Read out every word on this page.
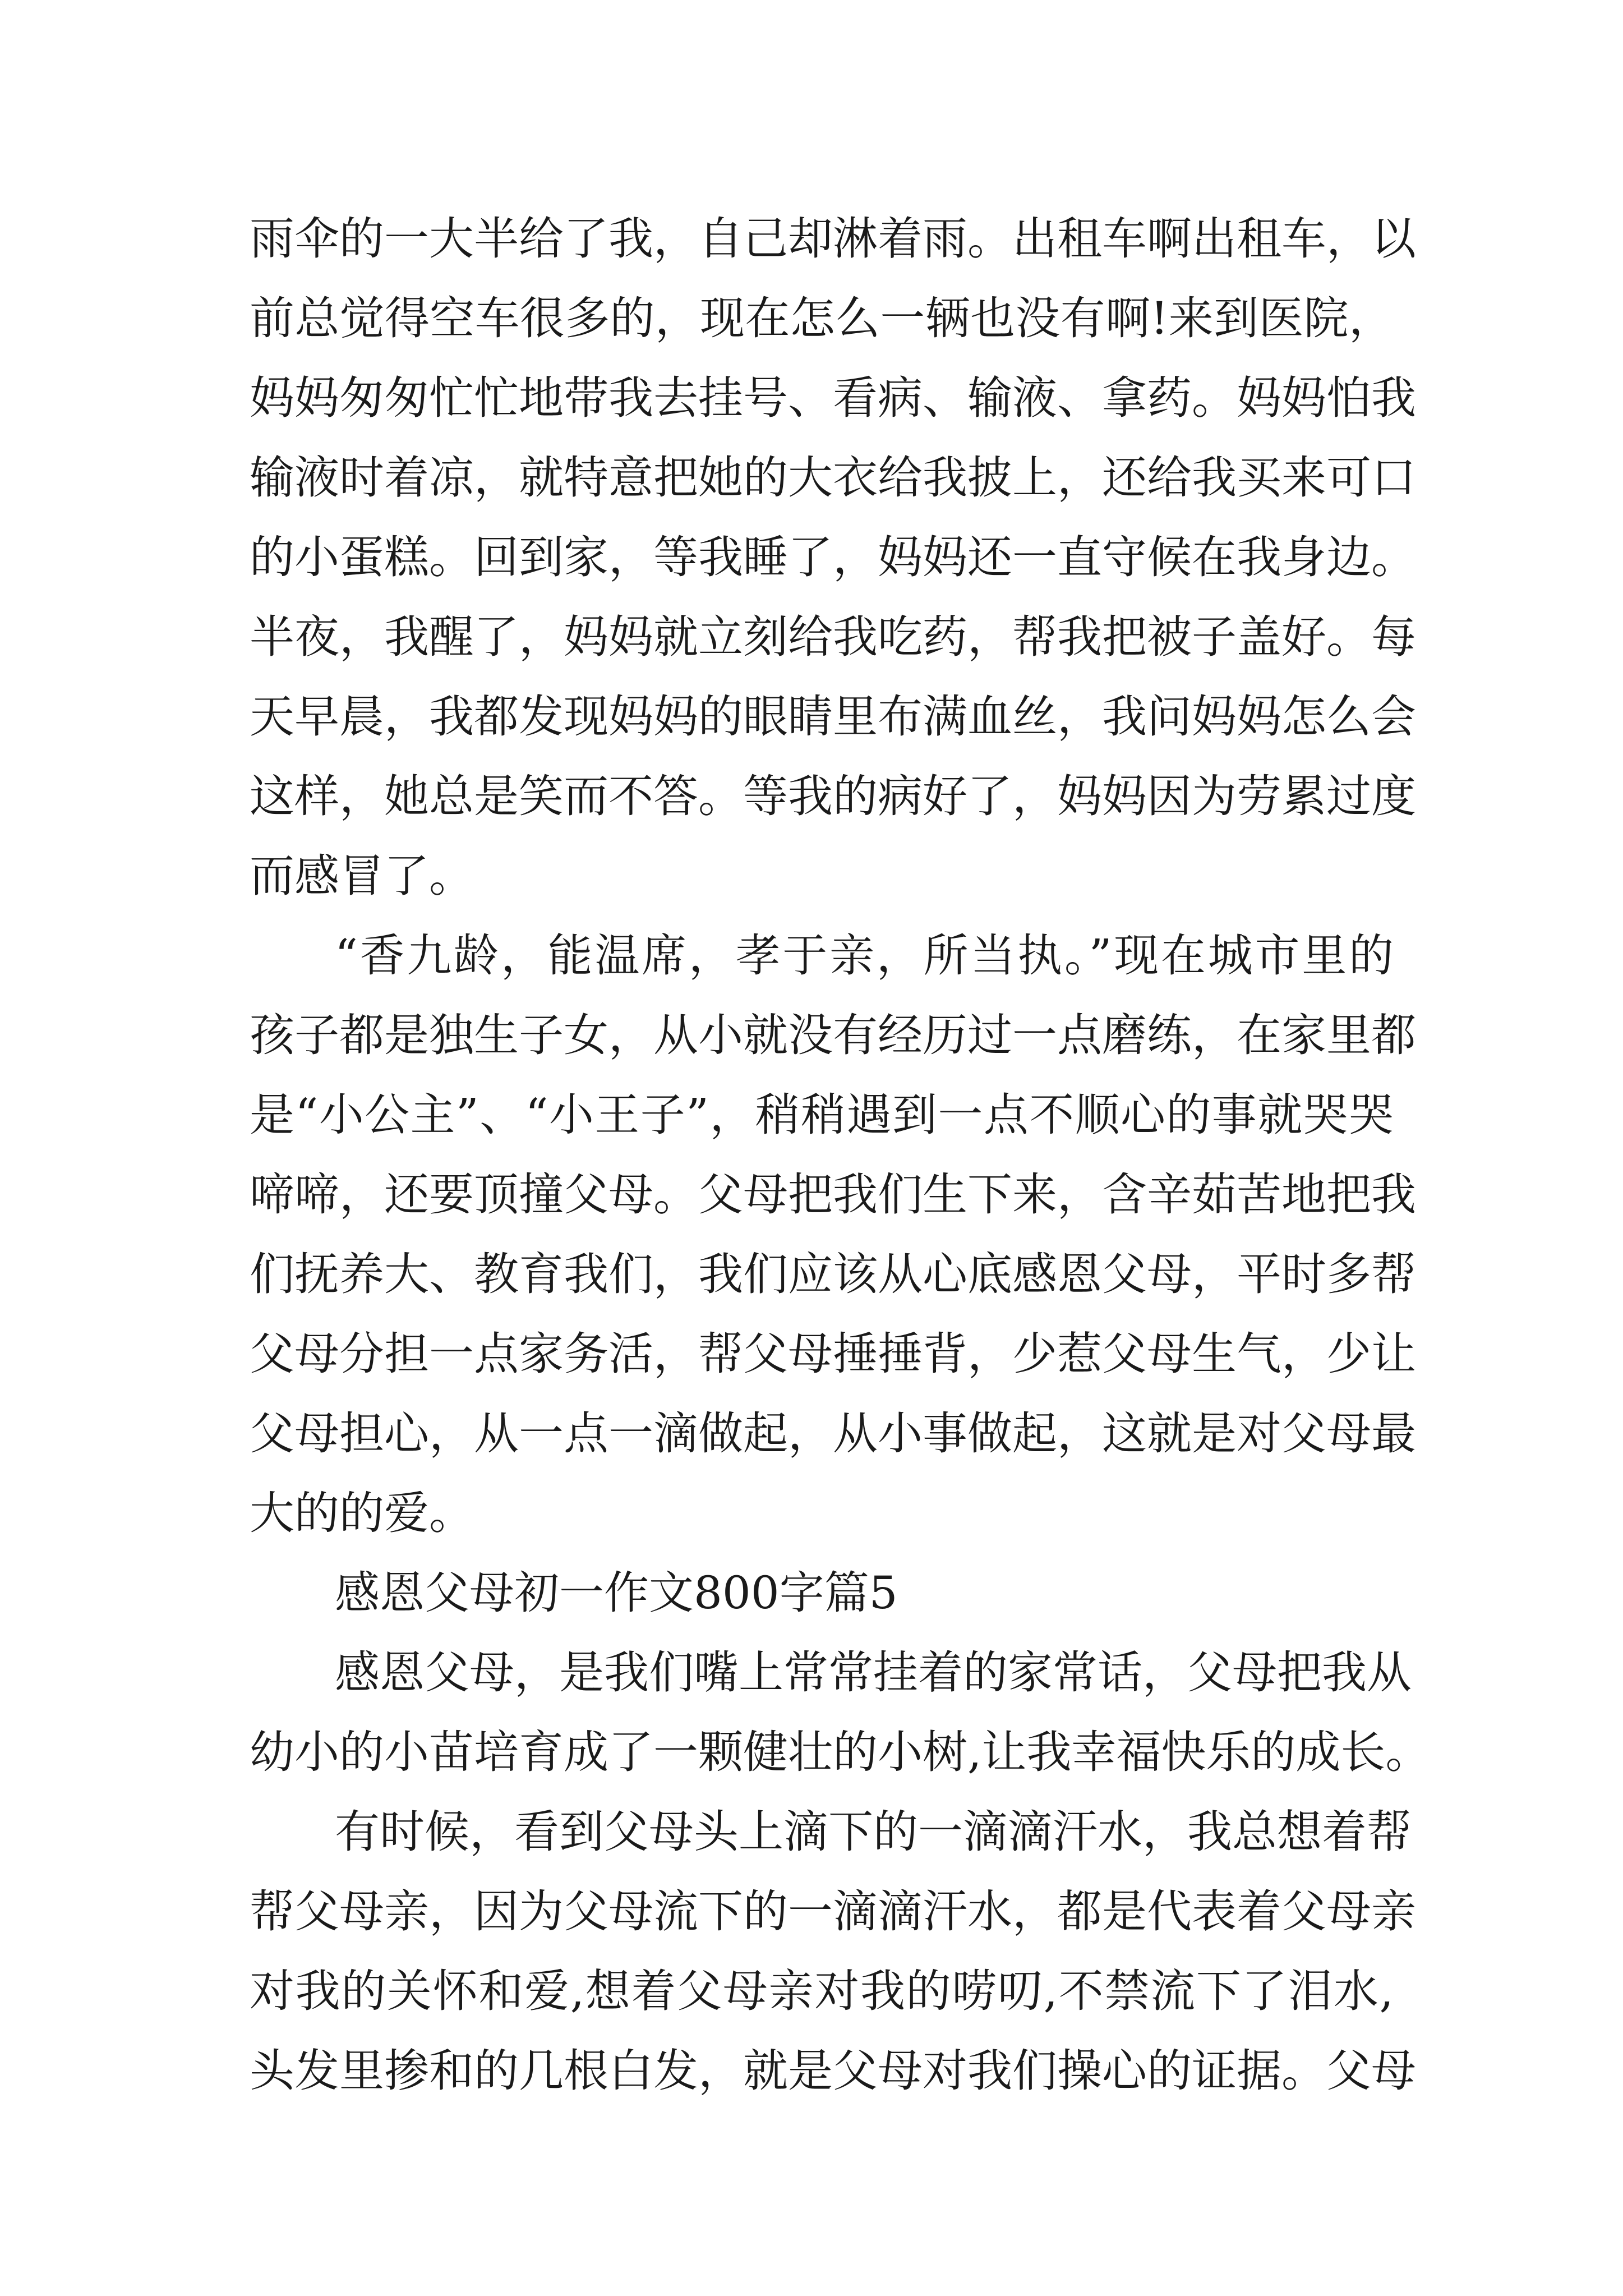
雨伞的一大半给了我，自己却淋着雨。出租车啊出租车，以
前总觉得空车很多的，现在怎么一辆也没有啊!来到医院，
妈妈匆匆忙忙地带我去挂号、看病、输液、拿药。妈妈怕我
输液时着凉，就特意把她的大衣给我披上，还给我买来可口
的小蛋糕。回到家，等我睡了，妈妈还一直守候在我身边。
半夜，我醒了，妈妈就立刻给我吃药，帮我把被子盖好。每
天早晨，我都发现妈妈的眼睛里布满血丝，我问妈妈怎么会
这样，她总是笑而不答。等我的病好了，妈妈因为劳累过度
而感冒了。
“香九龄，能温席，孝于亲，所当执。”现在城市里的
孩子都是独生子女，从小就没有经历过一点磨练，在家里都
是“小公主”、“小王子”，稍稍遇到一点不顺心的事就哭哭
啼啼，还要顶撞父母。父母把我们生下来，含辛茹苦地把我
们抚养大、教育我们，我们应该从心底感恩父母，平时多帮
父母分担一点家务活，帮父母捶捶背，少惹父母生气，少让
父母担心，从一点一滴做起，从小事做起，这就是对父母最
大的的爱。
感恩父母初一作文800字篇5
感恩父母，是我们嘴上常常挂着的家常话，父母把我从
幼小的小苗培育成了一颗健壮的小树,让我幸福快乐的成长。
有时候，看到父母头上滴下的一滴滴汗水，我总想着帮
帮父母亲，因为父母流下的一滴滴汗水，都是代表着父母亲
对我的关怀和爱,想着父母亲对我的唠叨,不禁流下了泪水,
头发里掺和的几根白发，就是父母对我们操心的证据。父母
